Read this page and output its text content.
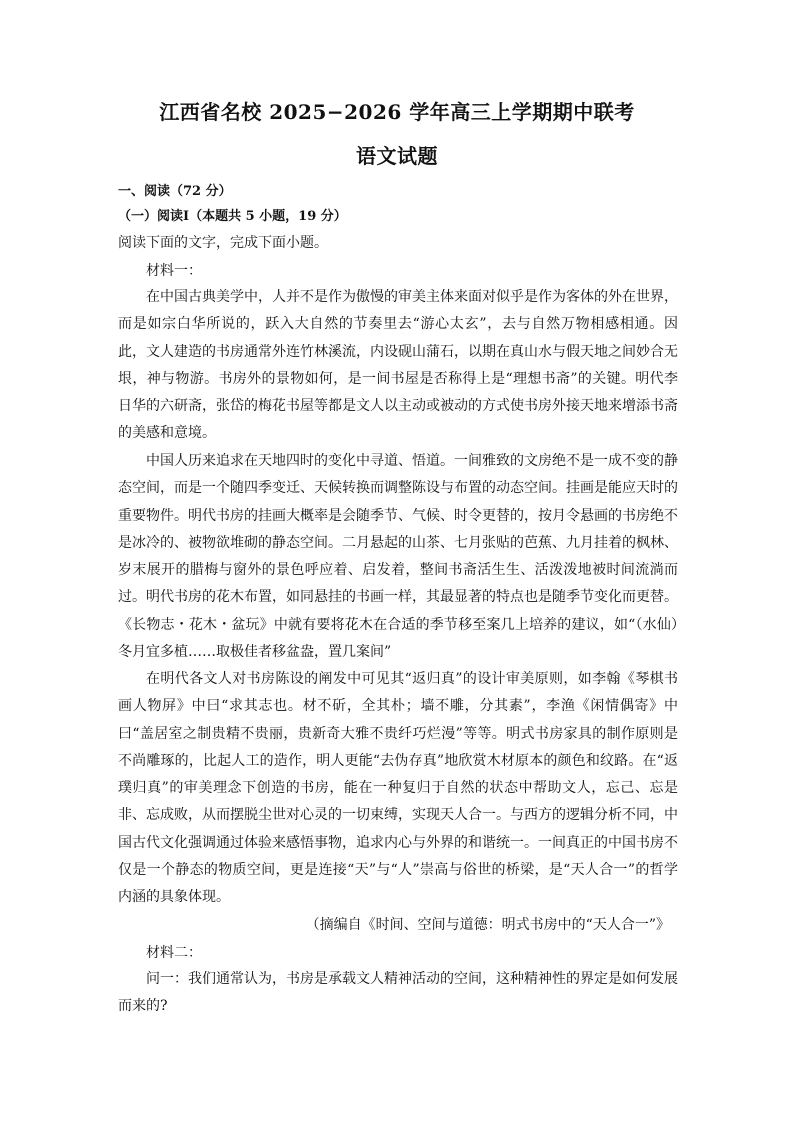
江西省名校 2025−2026 学年高三上学期期中联考
语文试题
一、阅读（72 分）
（一）阅读Ⅰ（本题共 5 小题，19 分）
阅读下面的文字，完成下面小题。
材料一：
在中国古典美学中，人并不是作为傲慢的审美主体来面对似乎是作为客体的外在世界，而是如宗白华所说的，跃入大自然的节奏里去“游心太玄”，去与自然万物相感相通。因此，文人建造的书房通常外连竹林溪流，内设砚山蒲石，以期在真山水与假天地之间妙合无垠，神与物游。书房外的景物如何，是一间书屋是否称得上是“理想书斋”的关键。明代李日华的六研斋，张岱的梅花书屋等都是文人以主动或被动的方式使书房外接天地来增添书斋的美感和意境。
中国人历来追求在天地四时的变化中寻道、悟道。一间雅致的文房绝不是一成不变的静态空间，而是一个随四季变迁、天候转换而调整陈设与布置的动态空间。挂画是能应天时的重要物件。明代书房的挂画大概率是会随季节、气候、时令更替的，按月令悬画的书房绝不是冰冷的、被物欲堆砌的静态空间。二月悬起的山茶、七月张贴的芭蕉、九月挂着的枫林、岁末展开的腊梅与窗外的景色呼应着、启发着，整间书斋活生生、活泼泼地被时间流淌而过。明代书房的花木布置，如同悬挂的书画一样，其最显著的特点也是随季节变化而更替。《长物志・花木・盆玩》中就有要将花木在合适的季节移至案几上培养的建议，如“（水仙）冬月宜多植……取极佳者移盆盎，置几案间”
在明代各文人对书房陈设的阐发中可见其“返归真”的设计审美原则，如李翰《琴棋书画人物屏》中曰“求其志也。材不斫，全其朴；墙不雕，分其素”，李渔《闲情偶寄》中曰“盖居室之制贵精不贵丽，贵新奇大雅不贵纤巧烂漫”等等。明式书房家具的制作原则是不尚雕琢的，比起人工的造作，明人更能“去伪存真”地欣赏木材原本的颜色和纹路。在“返璞归真”的审美理念下创造的书房，能在一种复归于自然的状态中帮助文人，忘己、忘是非、忘成败，从而摆脱尘世对心灵的一切束缚，实现天人合一。与西方的逻辑分析不同，中国古代文化强调通过体验来感悟事物，追求内心与外界的和谐统一。一间真正的中国书房不仅是一个静态的物质空间，更是连接“天”与“人”崇高与俗世的桥梁，是“天人合一”的哲学内涵的具象体现。
（摘编自《时间、空间与道德：明式书房中的“天人合一”》
材料二：
问一：我们通常认为，书房是承载文人精神活动的空间，这种精神性的界定是如何发展而来的?
